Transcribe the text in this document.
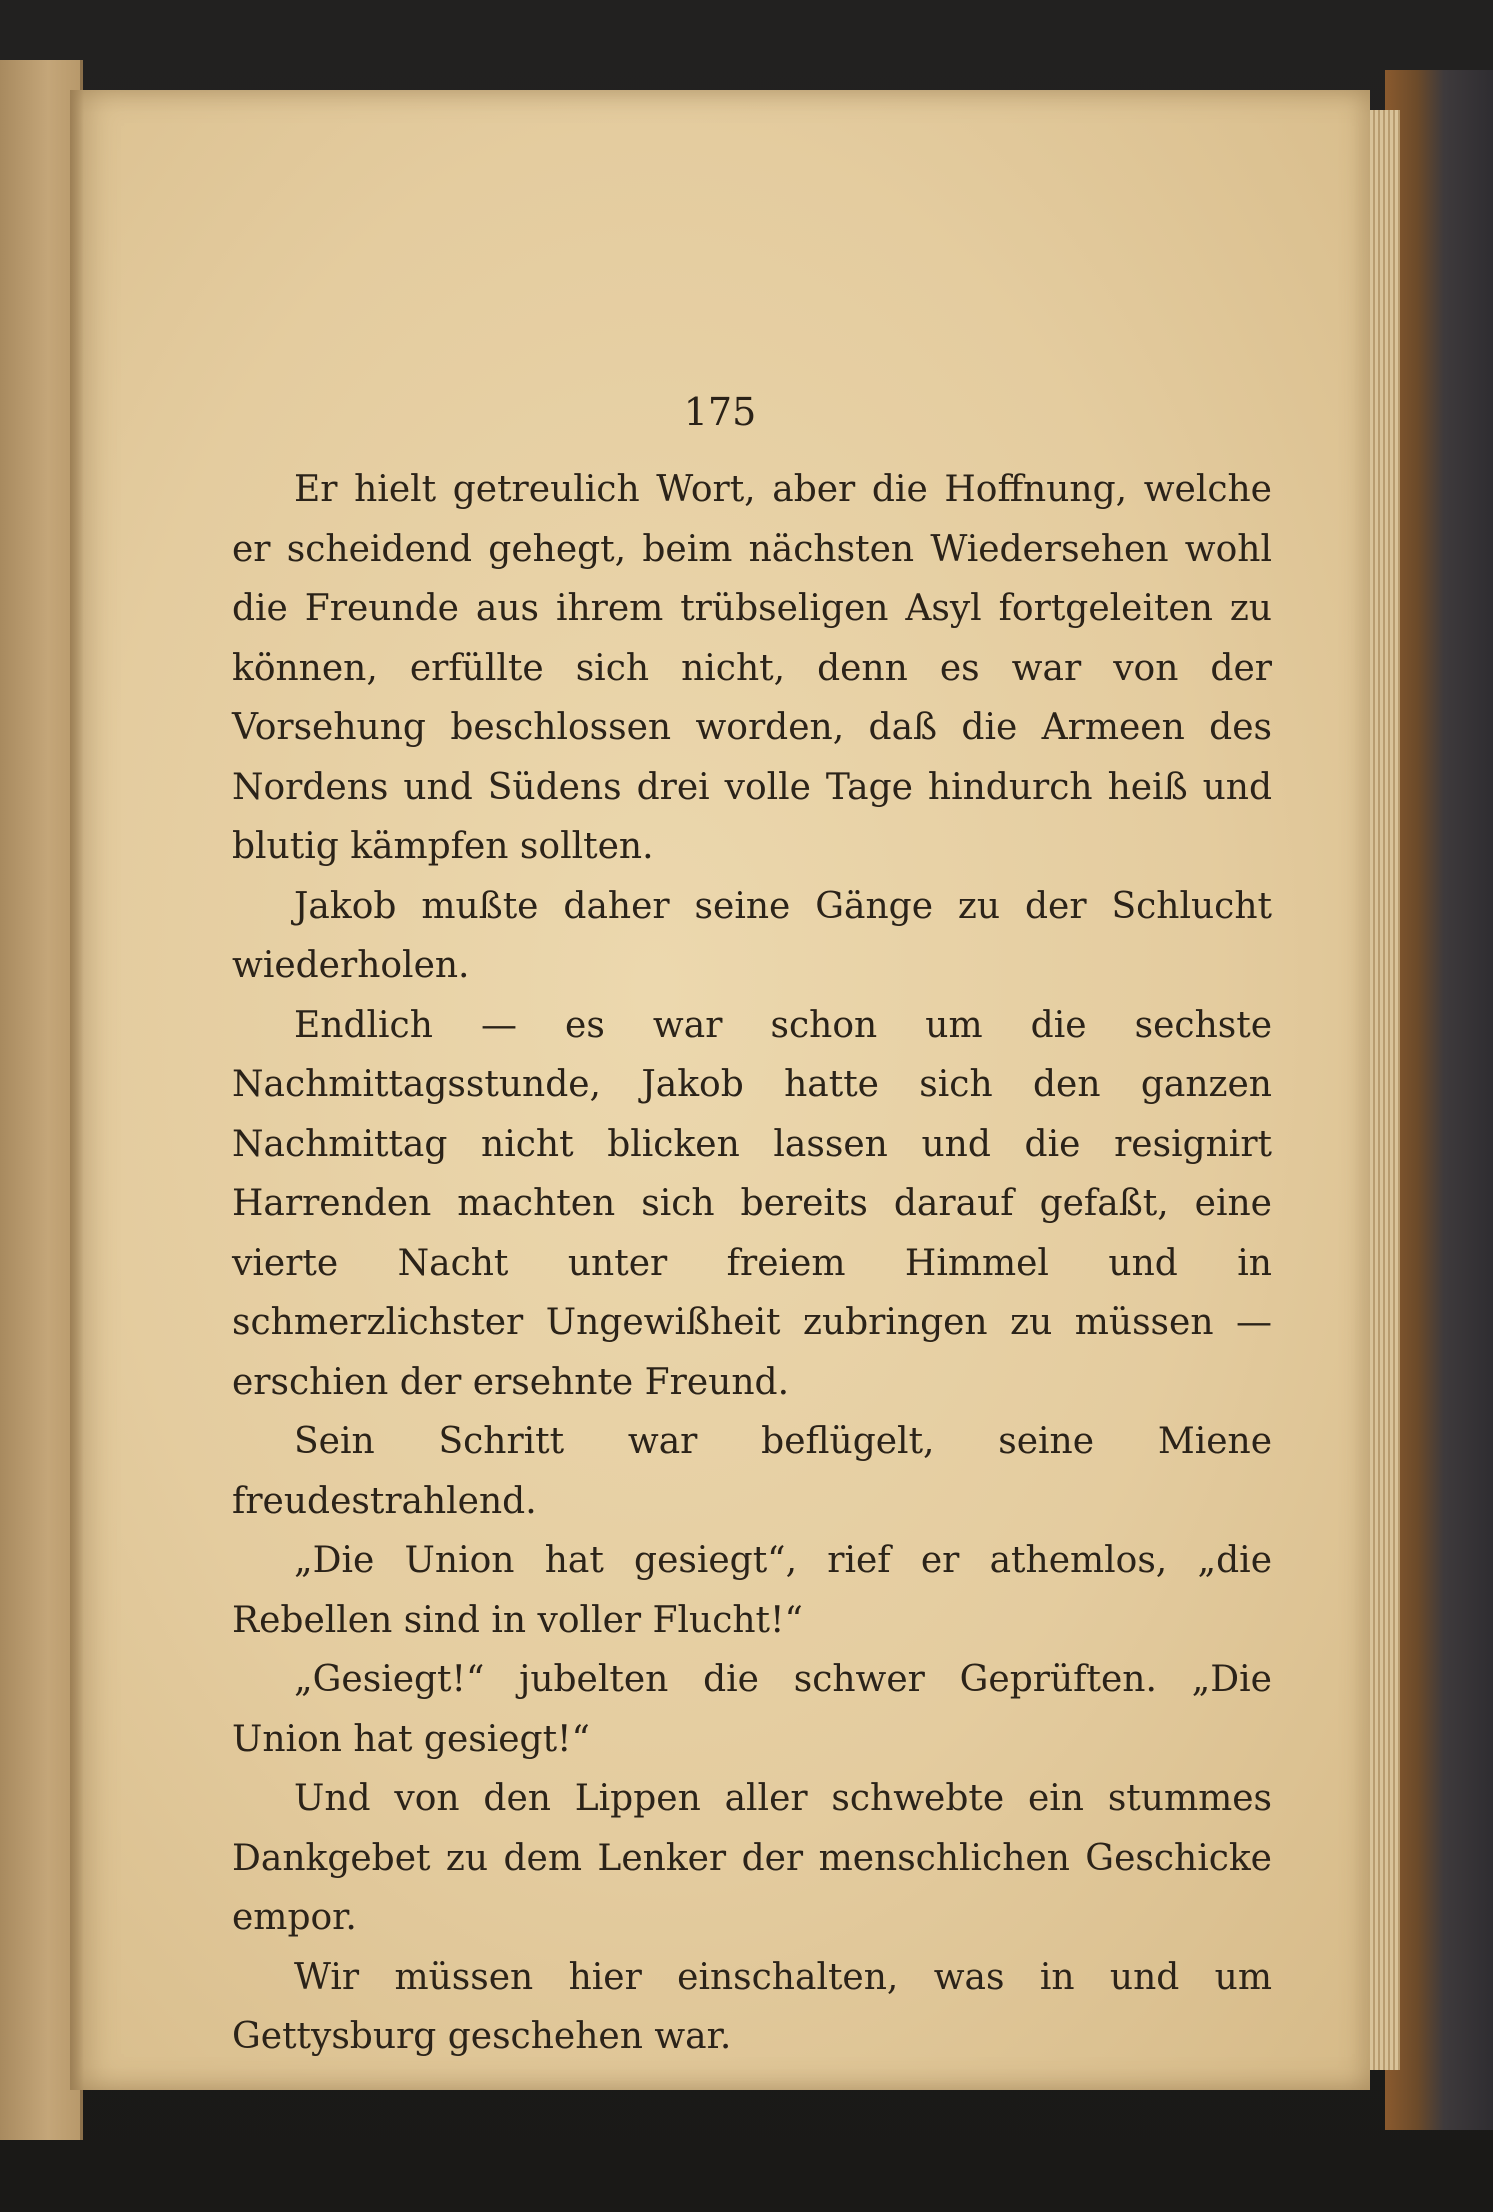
175

Er hielt getreulich Wort, aber die Hoffnung, welche er scheidend gehegt, beim nächsten Wiedersehen wohl die Freunde aus ihrem trübseligen Asyl fortgeleiten zu können, erfüllte sich nicht, denn es war von der Vorsehung beschlossen worden, daß die Armeen des Nordens und Südens drei volle Tage hindurch heiß und blutig kämpfen sollten.

Jakob mußte daher seine Gänge zu der Schlucht wiederholen.

Endlich — es war schon um die sechste Nachmittagsstunde, Jakob hatte sich den ganzen Nachmittag nicht blicken lassen und die resignirt Harrenden machten sich bereits darauf gefaßt, eine vierte Nacht unter freiem Himmel und in schmerzlichster Ungewißheit zubringen zu müssen — erschien der ersehnte Freund.

Sein Schritt war beflügelt, seine Miene freudestrahlend.

„Die Union hat gesiegt“, rief er athemlos, „die Rebellen sind in voller Flucht!“

„Gesiegt!“ jubelten die schwer Geprüften. „Die Union hat gesiegt!“

Und von den Lippen aller schwebte ein stummes Dankgebet zu dem Lenker der menschlichen Geschicke empor.

Wir müssen hier einschalten, was in und um Gettysburg geschehen war.
